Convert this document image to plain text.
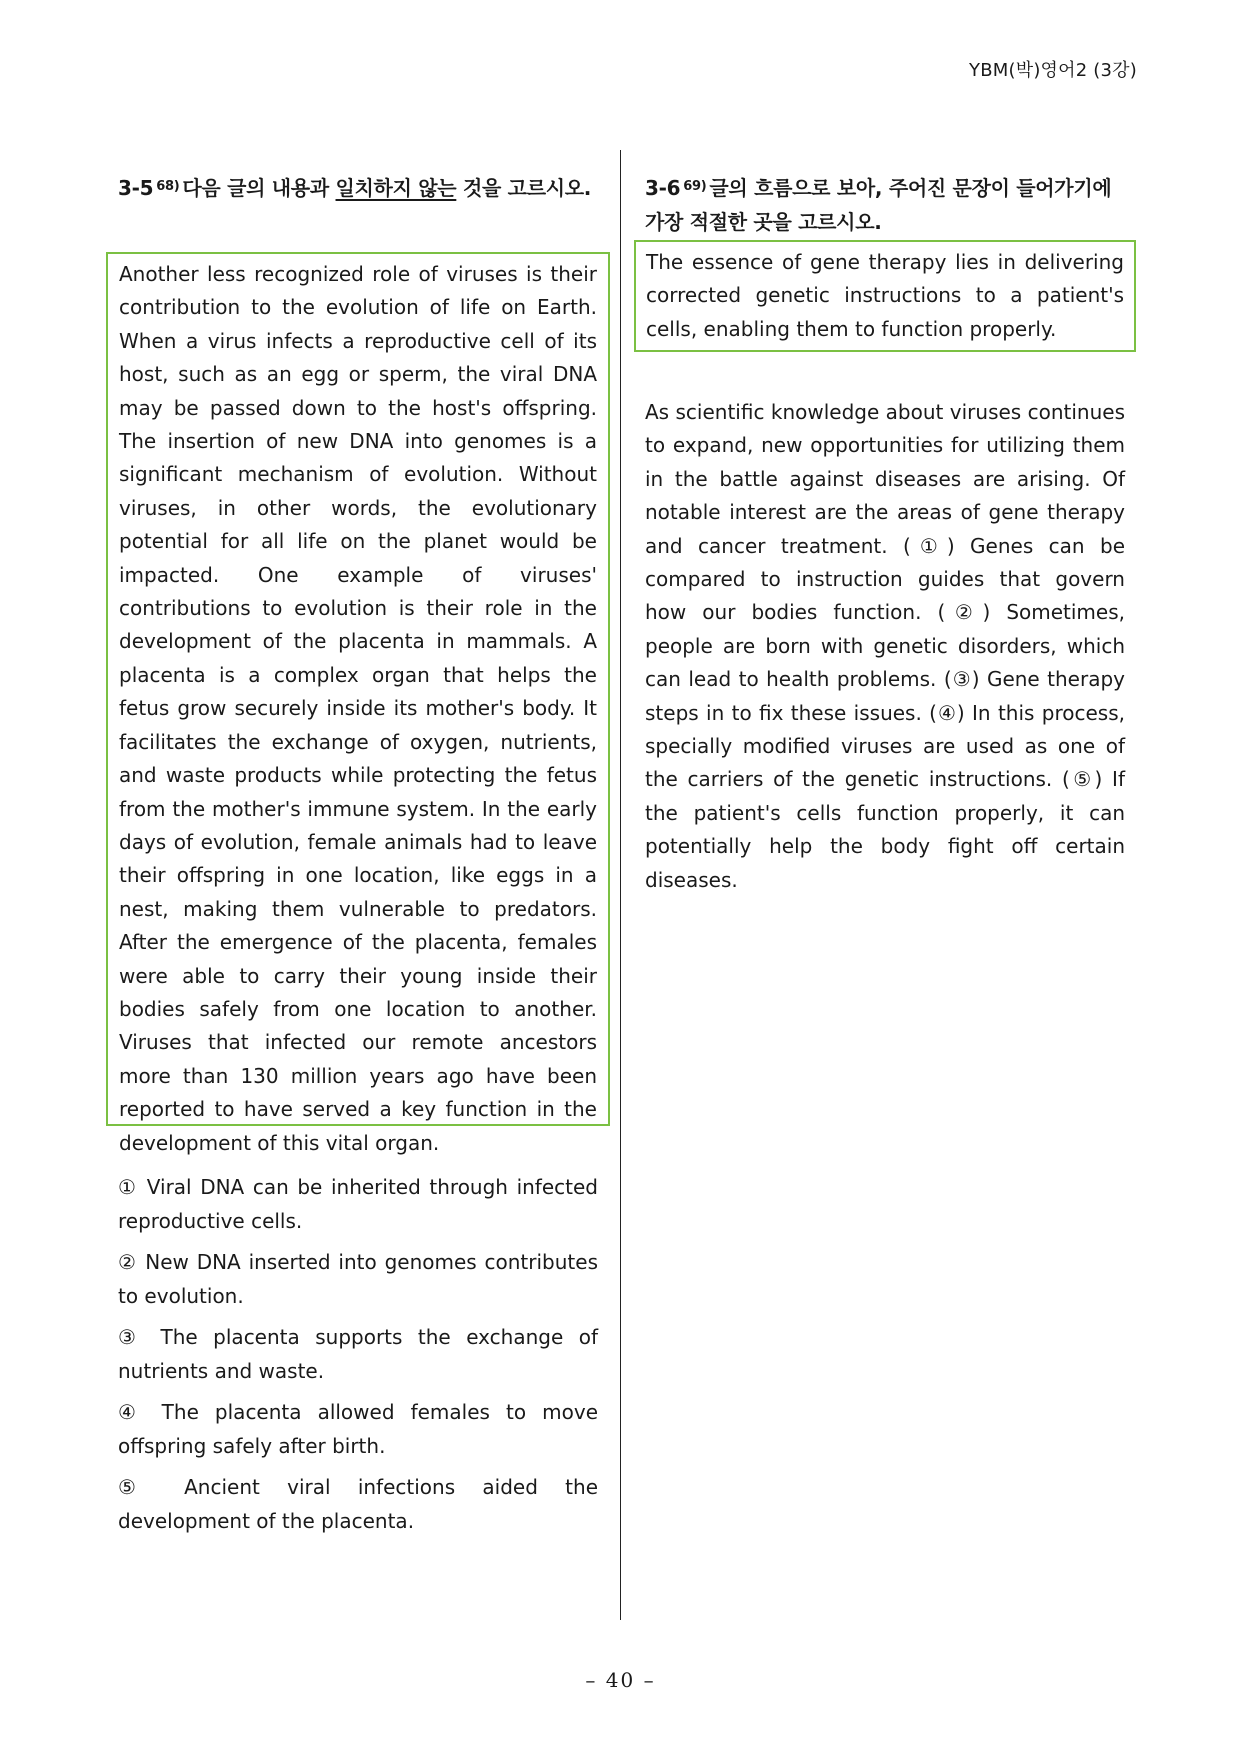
YBM(박)영어2 (3강)
3-5 $^{68)}$ 다음 글의 내용과 일치하지 않는 것을 고르시오.

Another less recognized role of viruses is their contribution to the evolution of life on Earth. When a virus infects a reproductive cell of its host, such as an egg or sperm, the viral DNA may be passed down to the host's offspring. The insertion of new DNA into genomes is a significant mechanism of evolution. Without viruses, in other words, the evolutionary potential for all life on the planet would be impacted. One example of viruses' contributions to evolution is their role in the development of the placenta in mammals. A placenta is a complex organ that helps the fetus grow securely inside its mother's body. It facilitates the exchange of oxygen, nutrients, and waste products while protecting the fetus from the mother's immune system. In the early days of evolution, female animals had to leave their offspring in one location, like eggs in a nest, making them vulnerable to predators. After the emergence of the placenta, females were able to carry their young inside their bodies safely from one location to another. Viruses that infected our remote ancestors more than 130 million years ago have been reported to have served a key function in the development of this vital organ.

① Viral DNA can be inherited through infected reproductive cells.

② New DNA inserted into genomes contributes to evolution.

③ The placenta supports the exchange of nutrients and waste.

④ The placenta allowed females to move offspring safely after birth.

⑤ Ancient viral infections aided the development of the placenta.

3-6 $^{69)}$ 글의 흐름으로 보아, 주어진 문장이 들어가기에 가장 적절한 곳을 고르시오.

The essence of gene therapy lies in delivering corrected genetic instructions to a patient's cells, enabling them to function properly.

As scientific knowledge about viruses continues to expand, new opportunities for utilizing them in the battle against diseases are arising. Of notable interest are the areas of gene therapy and cancer treatment. (①) Genes can be compared to instruction guides that govern how our bodies function. (②) Sometimes, people are born with genetic disorders, which can lead to health problems. (③) Gene therapy steps in to fix these issues. (④) In this process, specially modified viruses are used as one of the carriers of the genetic instructions. (⑤) If the patient's cells function properly, it can potentially help the body fight off certain diseases.

– 40 –
